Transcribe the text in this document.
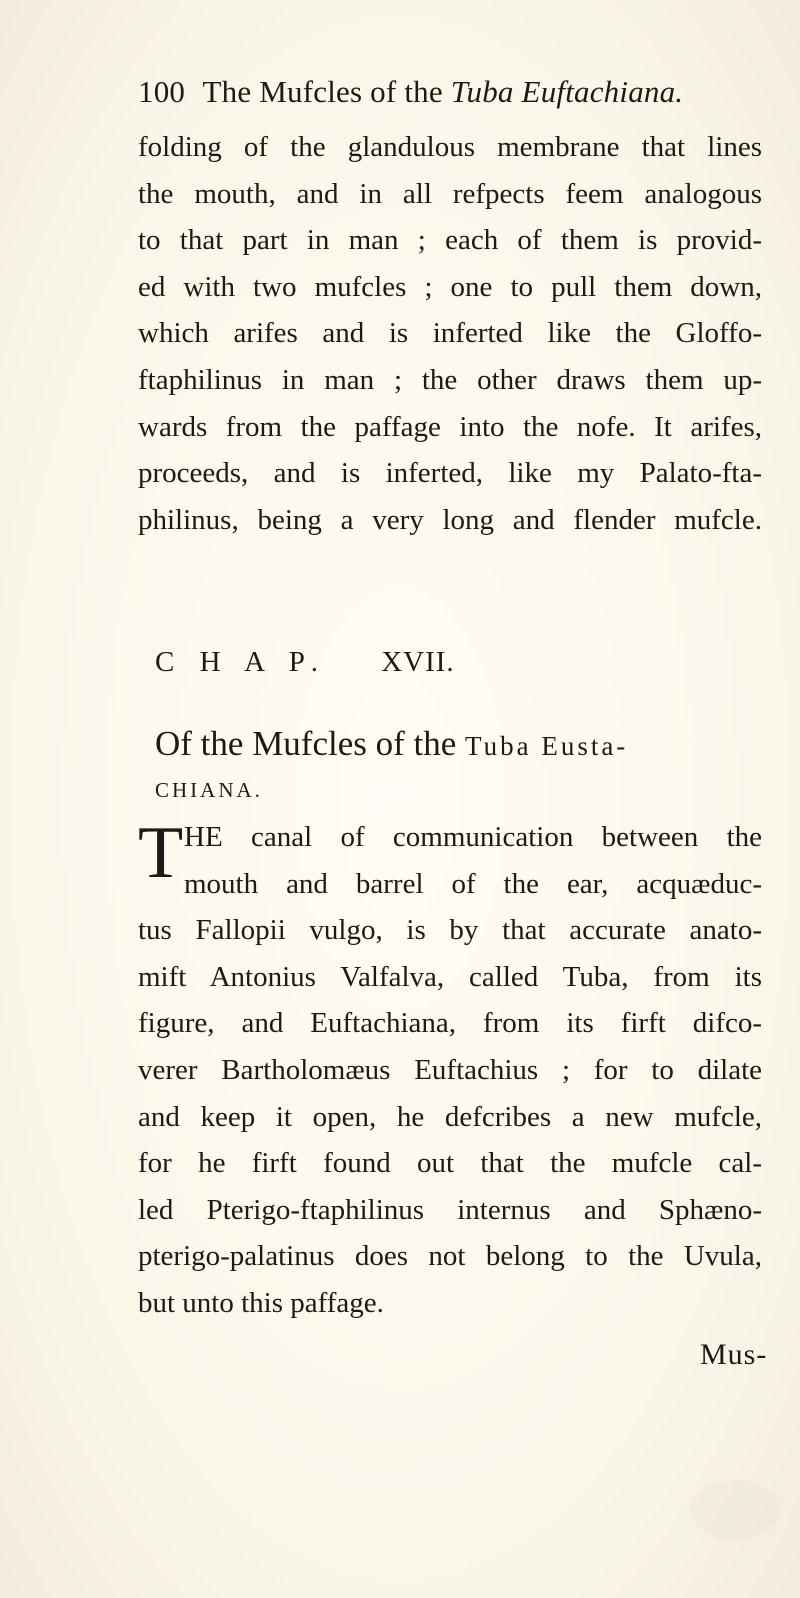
100 The Mufcles of the Tuba Euftachiana.
folding of the glandulous membrane that lines
the mouth, and in all refpects feem analogous
to that part in man ; each of them is provid-
ed with two mufcles ; one to pull them down,
which arifes and is inferted like the Gloffo-
ftaphilinus in man ; the other draws them up-
wards from the paffage into the nofe. It arifes,
proceeds, and is inferted, like my Palato-fta-
philinus, being a very long and flender mufcle.
C H A P. XVII.
Of the Mufcles of the Tuba Eusta-
CHIANA.
T HE canal of communication between the
mouth and barrel of the ear, acquæduc-
tus Fallopii vulgo, is by that accurate anato-
mift Antonius Valfalva, called Tuba, from its
figure, and Euftachiana, from its firft difco-
verer Bartholomæus Euftachius ; for to dilate
and keep it open, he defcribes a new mufcle,
for he firft found out that the mufcle cal-
led Pterigo-ftaphilinus internus and Sphæno-
pterigo-palatinus does not belong to the Uvula,
but unto this paffage.
Mus-
